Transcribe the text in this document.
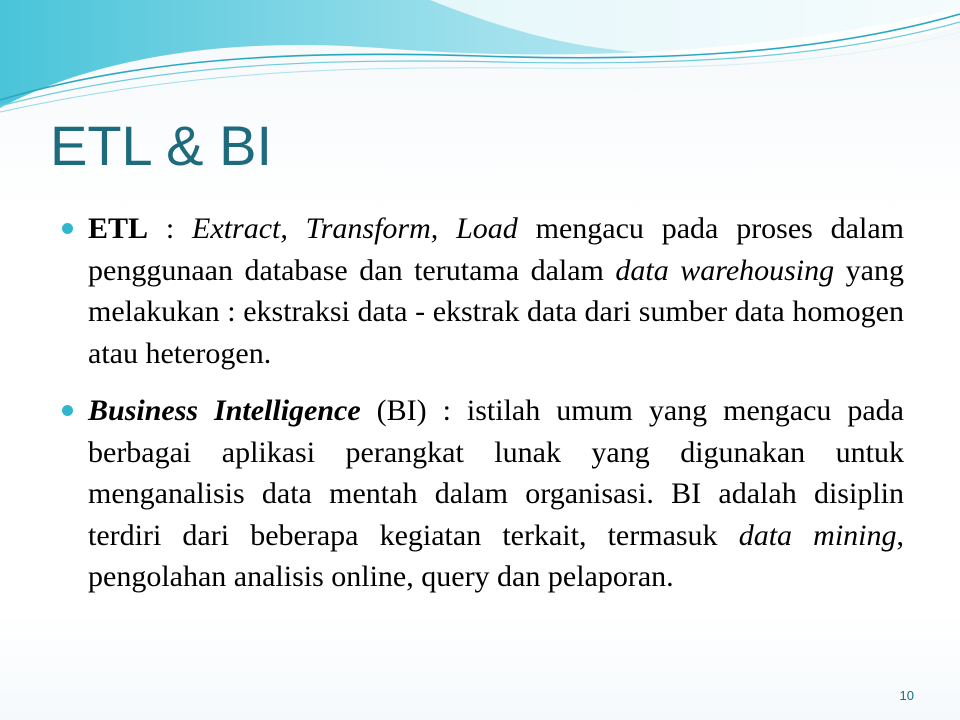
ETL & BI
ETL : Extract, Transform, Load mengacu pada proses dalam penggunaan database dan terutama dalam data warehousing yang melakukan : ekstraksi data - ekstrak data dari sumber data homogen atau heterogen.
Business Intelligence (BI) : istilah umum yang mengacu pada berbagai aplikasi perangkat lunak yang digunakan untuk menganalisis data mentah dalam organisasi. BI adalah disiplin terdiri dari beberapa kegiatan terkait, termasuk data mining, pengolahan analisis online, query dan pelaporan.
10
